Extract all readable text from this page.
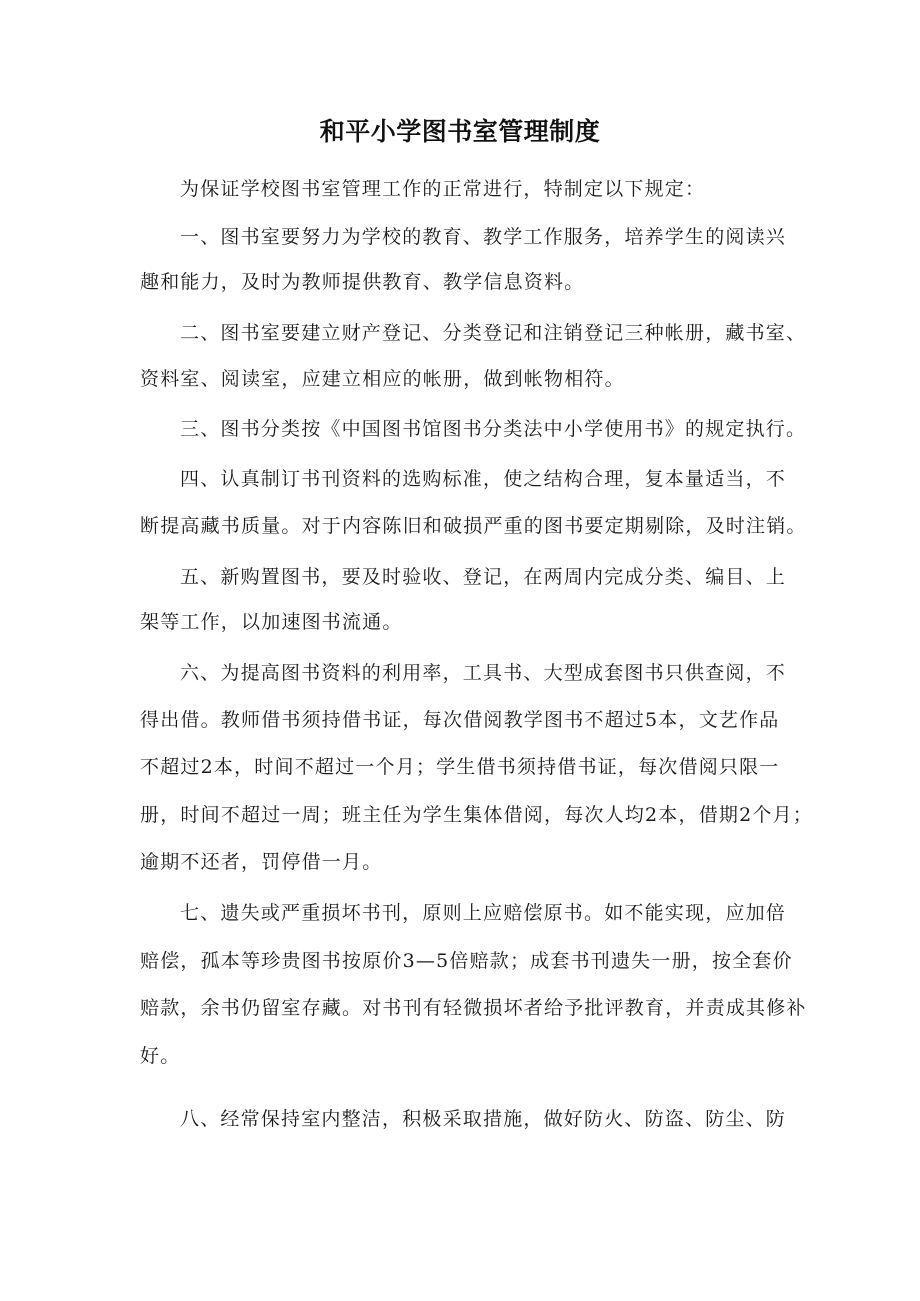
和平小学图书室管理制度

为保证学校图书室管理工作的正常进行，特制定以下规定：

一、图书室要努力为学校的教育、教学工作服务，培养学生的阅读兴

趣和能力，及时为教师提供教育、教学信息资料。

二、图书室要建立财产登记、分类登记和注销登记三种帐册，藏书室、

资料室、阅读室，应建立相应的帐册，做到帐物相符。

三、图书分类按《中国图书馆图书分类法中小学使用书》的规定执行。

四、认真制订书刊资料的选购标准，使之结构合理，复本量适当，不

断提高藏书质量。对于内容陈旧和破损严重的图书要定期剔除，及时注销。

五、新购置图书，要及时验收、登记，在两周内完成分类、编目、上

架等工作，以加速图书流通。

六、为提高图书资料的利用率，工具书、大型成套图书只供查阅，不

得出借。教师借书须持借书证，每次借阅教学图书不超过5本，文艺作品

不超过2本，时间不超过一个月；学生借书须持借书证，每次借阅只限一

册，时间不超过一周；班主任为学生集体借阅，每次人均2本，借期2个月；

逾期不还者，罚停借一月。

七、遗失或严重损坏书刊，原则上应赔偿原书。如不能实现，应加倍

赔偿，孤本等珍贵图书按原价3—5倍赔款；成套书刊遗失一册，按全套价

赔款，余书仍留室存藏。对书刊有轻微损坏者给予批评教育，并责成其修补

好。

八、经常保持室内整洁，积极采取措施，做好防火、防盗、防尘、防
